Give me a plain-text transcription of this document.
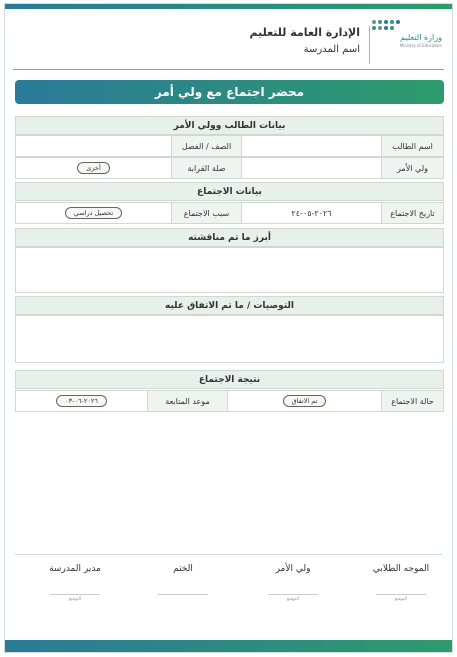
وزارة التعليم
Ministry of Education
الإدارة العامة للتعليم
اسم المدرسة
محضر اجتماع مع ولي أمر
بيانات الطالب وولي الأمر
اسم الطالب
الصف / الفصل
ولي الأمر
صلة القرابة
أخرى
بيانات الاجتماع
تاريخ الاجتماع
٢٠٢٦-٠٥-٢٤
سبب الاجتماع
تحصيل دراسي
أبرز ما تم مناقشته
التوصيات / ما تم الاتفاق عليه
نتيجة الاجتماع
حالة الاجتماع
تم الاتفاق
موعد المتابعة
٢٠٢٦-٠٦-٠٣
الموجه الطلابي
التوقيع
ولي الأمر
التوقيع
الختم
مدير المدرسة
التوقيع
